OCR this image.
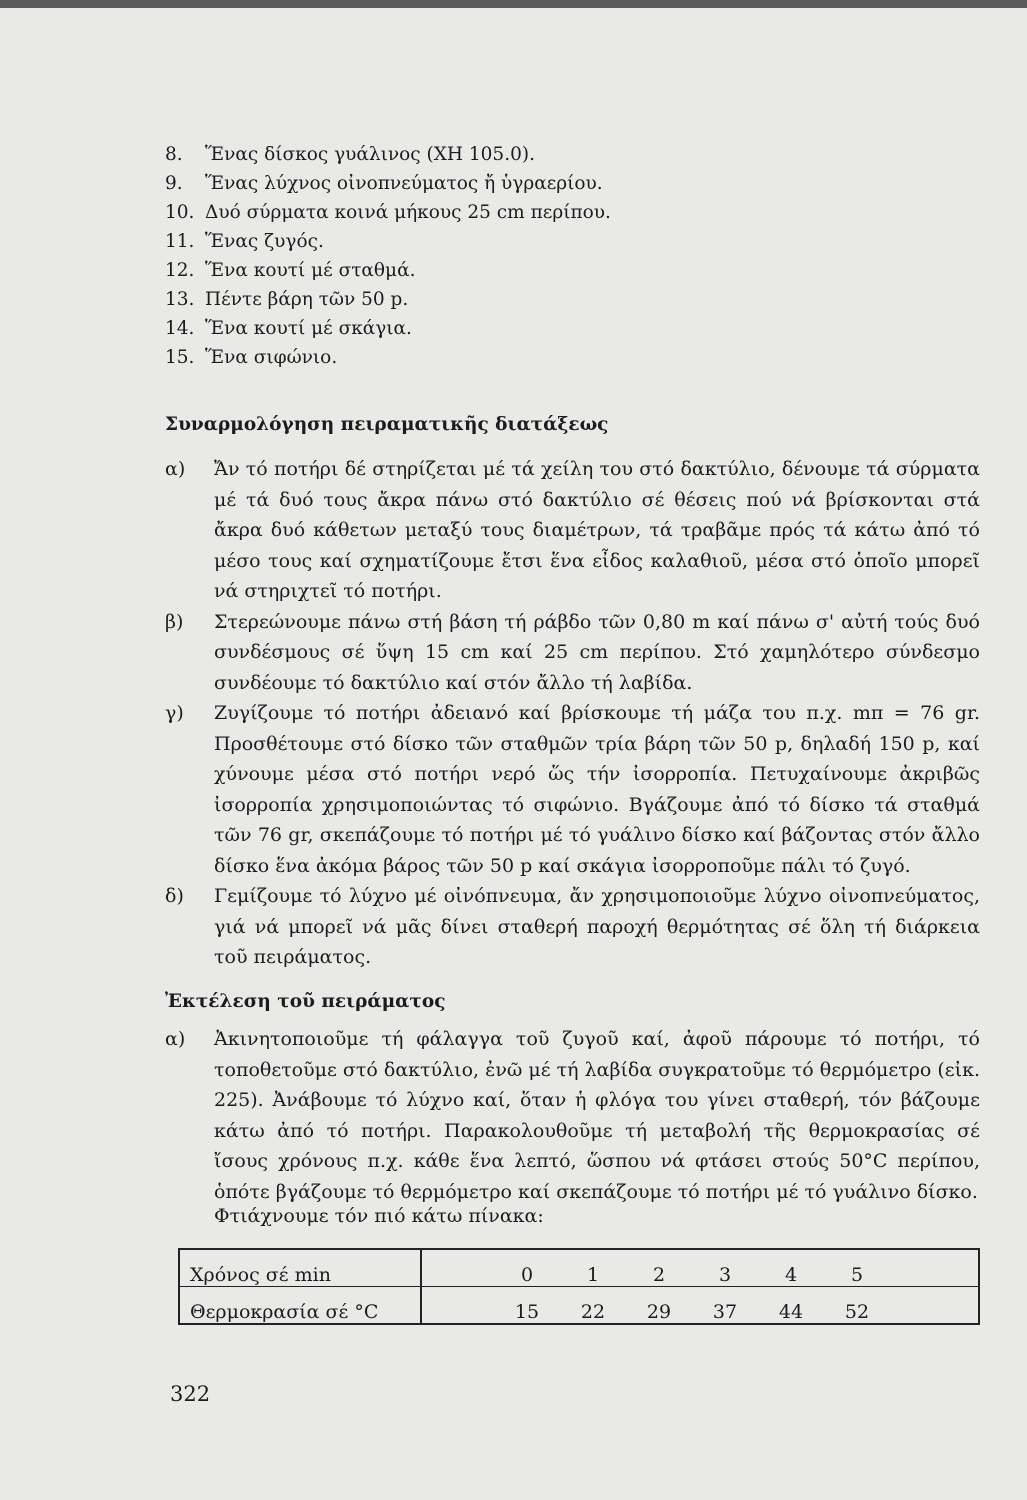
8. Ἕνας δίσκος γυάλινος (ΧΗ 105.0).
9. Ἕνας λύχνος οἰνοπνεύματος ἤ ὑγραερίου.
10. Δυό σύρματα κοινά μήκους 25 cm περίπου.
11. Ἕνας ζυγός.
12. Ἕνα κουτί μέ σταθμά.
13. Πέντε βάρη τῶν 50 p.
14. Ἕνα κουτί μέ σκάγια.
15. Ἕνα σιφώνιο.
Συναρμολόγηση πειραματικῆς διατάξεως
α) Ἄν τό ποτήρι δέ στηρίζεται μέ τά χείλη του στό δακτύλιο, δένουμε τά σύρματα μέ τά δυό τους ἄκρα πάνω στό δακτύλιο σέ θέσεις πού νά βρίσκονται στά ἄκρα δυό κάθετων μεταξύ τους διαμέτρων, τά τραβᾶμε πρός τά κάτω ἀπό τό μέσο τους καί σχηματίζουμε ἔτσι ἕνα εἶδος καλαθιοῦ, μέσα στό ὁποῖο μπορεῖ νά στηριχτεῖ τό ποτήρι.
β) Στερεώνουμε πάνω στή βάση τή ράβδο τῶν 0,80 m καί πάνω σ' αὐτή τούς δυό συνδέσμους σέ ὕψη 15 cm καί 25 cm περίπου. Στό χαμηλότερο σύνδεσμο συνδέουμε τό δακτύλιο καί στόν ἄλλο τή λαβίδα.
γ) Ζυγίζουμε τό ποτήρι ἀδειανό καί βρίσκουμε τή μάζα του π.χ. mπ = 76 gr. Προσθέτουμε στό δίσκο τῶν σταθμῶν τρία βάρη τῶν 50 p, δηλαδή 150 p, καί χύνουμε μέσα στό ποτήρι νερό ὥς τήν ἰσορροπία. Πετυχαίνουμε ἀκριβῶς ἰσορροπία χρησιμοποιώντας τό σιφώνιο. Βγάζουμε ἀπό τό δίσκο τά σταθμά τῶν 76 gr, σκεπάζουμε τό ποτήρι μέ τό γυάλινο δίσκο καί βάζοντας στόν ἄλλο δίσκο ἕνα ἀκόμα βάρος τῶν 50 p καί σκάγια ἰσορροποῦμε πάλι τό ζυγό.
δ) Γεμίζουμε τό λύχνο μέ οἰνόπνευμα, ἄν χρησιμοποιοῦμε λύχνο οἰνοπνεύματος, γιά νά μπορεῖ νά μᾶς δίνει σταθερή παροχή θερμότητας σέ ὅλη τή διάρκεια τοῦ πειράματος.
Ἐκτέλεση τοῦ πειράματος
α) Ἀκινητοποιοῦμε τή φάλαγγα τοῦ ζυγοῦ καί, ἀφοῦ πάρουμε τό ποτήρι, τό τοποθετοῦμε στό δακτύλιο, ἐνῶ μέ τή λαβίδα συγκρατοῦμε τό θερμόμετρο (εἰκ. 225). Ἀνάβουμε τό λύχνο καί, ὅταν ἡ φλόγα του γίνει σταθερή, τόν βάζουμε κάτω ἀπό τό ποτήρι. Παρακολουθοῦμε τή μεταβολή τῆς θερμοκρασίας σέ ἴσους χρόνους π.χ. κάθε ἕνα λεπτό, ὥσπου νά φτάσει στούς 50°C περίπου, ὁπότε βγάζουμε τό θερμόμετρο καί σκεπάζουμε τό ποτήρι μέ τό γυάλινο δίσκο.
Φτιάχνουμε τόν πιό κάτω πίνακα:
Χρόνος σέ min		0	1	2	3	4	5	
Θερμοκρασία σέ °C		15	22	29	37	44	52	
322
